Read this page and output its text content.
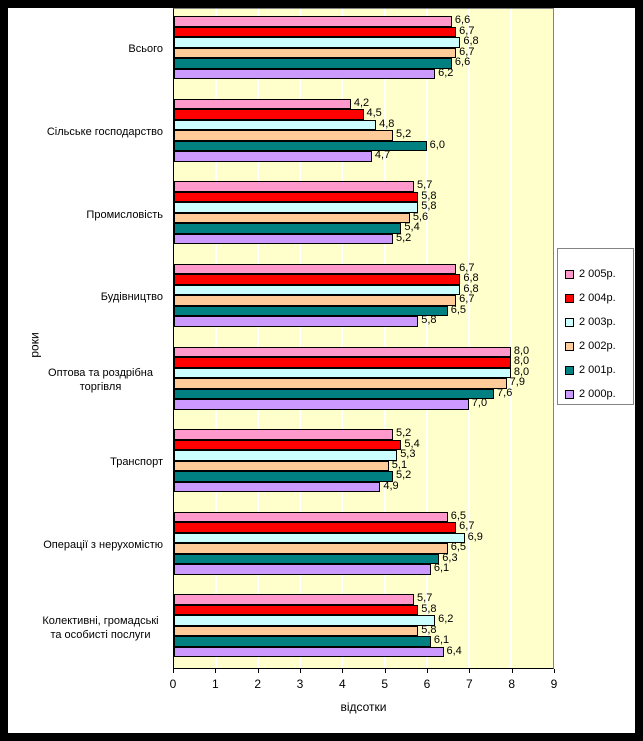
Всього
Сільське господарство
Промисловість
Будівництво
Оптова та роздрібна торгівля
Транспорт
Операції з нерухомістю
Колективні, громадські та особисті послуги
6,6
6,7
6,8
6,7
6,6
6,2
4,2
4,5
4,8
5,2
6,0
4,7
5,7
5,8
5,8
5,6
5,4
5,2
6,7
6,8
6,8
6,7
6,5
5,8
8,0
8,0
8,0
7,9
7,6
7,0
5,2
5,4
5,3
5,1
5,2
4,9
6,5
6,7
6,9
6,5
6,3
6,1
5,7
5,8
6,2
5,8
6,1
6,4
0	1	2	3	4	5	6	7	8	9
відсотки
роки
2 005р.
2 004р.
2 003р.
2 002р.
2 001р.
2 000р.
